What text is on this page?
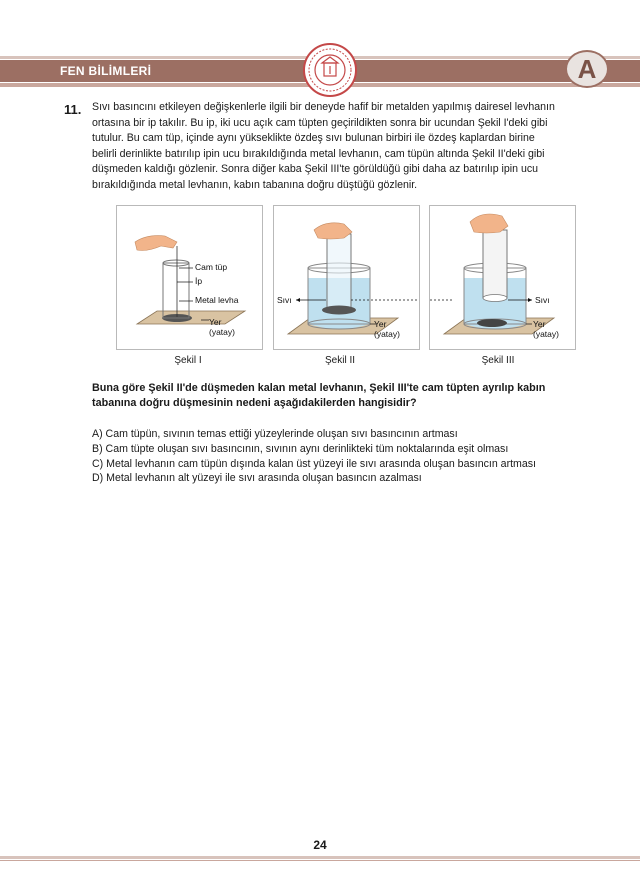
FEN BİLİMLERİ	A
11. Sıvı basıncını etkileyen değişkenlerle ilgili bir deneyde hafif bir metalden yapılmış dairesel levhanın

ortasına bir ip takılır. Bu ip, iki ucu açık cam tüpten geçirildikten sonra bir ucundan Şekil I'deki gibi

tutulur. Bu cam tüp, içinde aynı yükseklikte özdeş sıvı bulunan birbiri ile özdeş kaplardan birine

belirli derinlikte batırılıp ipin ucu bırakıldığında metal levhanın, cam tüpün altında Şekil II'deki gibi

düşmeden kaldığı gözlenir. Sonra diğer kaba Şekil III'te görüldüğü gibi daha az batırılıp ipin ucu

bırakıldığında metal levhanın, kabın tabanına doğru düştüğü gözlenir.

Cam tüp
İp
Metal levha
Yer
(yatay)
Sıvı
Yer
(yatay)
Sıvı
Yer
(yatay)
Şekil I	Şekil II	Şekil III
Buna göre Şekil II'de düşmeden kalan metal levhanın, Şekil III'te cam tüpten ayrılıp kabın
tabanına doğru düşmesinin nedeni aşağıdakilerden hangisidir?
A) Cam tüpün, sıvının temas ettiği yüzeylerinde oluşan sıvı basıncının artması
B) Cam tüpte oluşan sıvı basıncının, sıvının aynı derinlikteki tüm noktalarında eşit olması
C) Metal levhanın cam tüpün dışında kalan üst yüzeyi ile sıvı arasında oluşan basıncın artması
D) Metal levhanın alt yüzeyi ile sıvı arasında oluşan basıncın azalması
24
